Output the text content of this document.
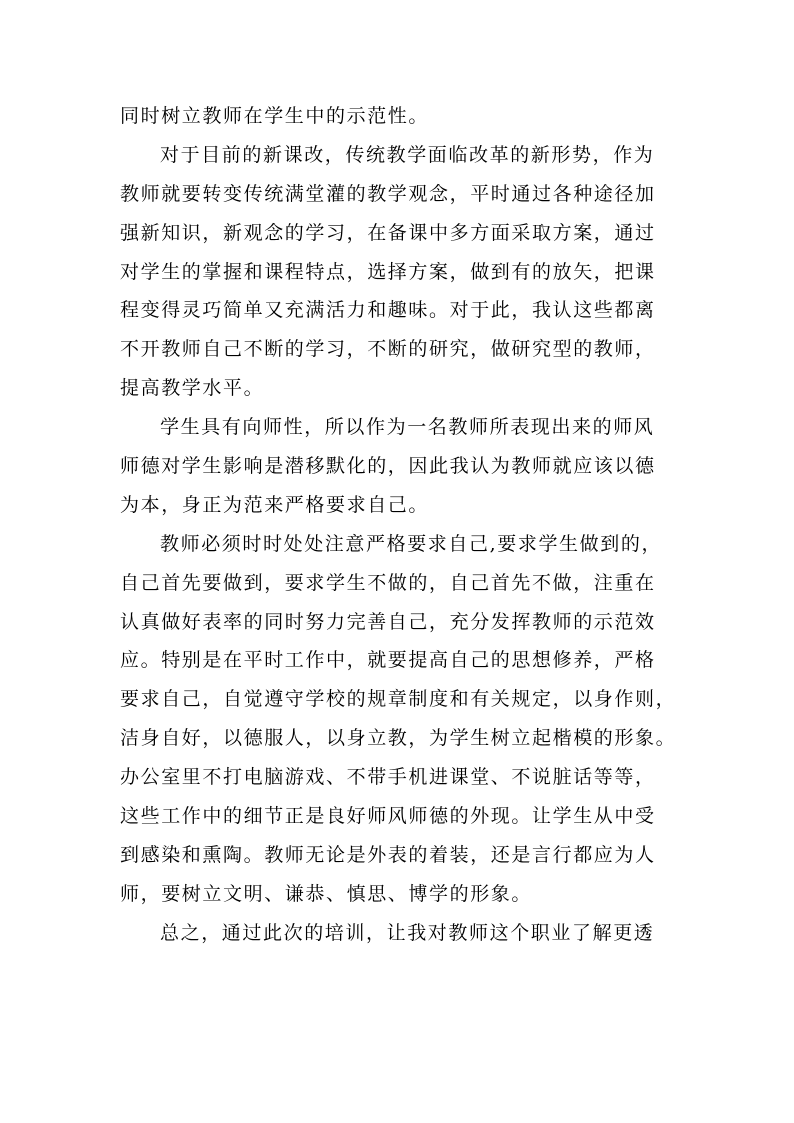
同时树立教师在学生中的示范性。
对于目前的新课改，传统教学面临改革的新形势，作为
教师就要转变传统满堂灌的教学观念，平时通过各种途径加
强新知识，新观念的学习，在备课中多方面采取方案，通过
对学生的掌握和课程特点，选择方案，做到有的放矢，把课
程变得灵巧简单又充满活力和趣味。对于此，我认这些都离
不开教师自己不断的学习，不断的研究，做研究型的教师，
提高教学水平。
学生具有向师性，所以作为一名教师所表现出来的师风
师德对学生影响是潜移默化的，因此我认为教师就应该以德
为本，身正为范来严格要求自己。
教师必须时时处处注意严格要求自己,要求学生做到的，
自己首先要做到，要求学生不做的，自己首先不做，注重在
认真做好表率的同时努力完善自己，充分发挥教师的示范效
应。特别是在平时工作中，就要提高自己的思想修养，严格
要求自己，自觉遵守学校的规章制度和有关规定，以身作则，
洁身自好，以德服人，以身立教，为学生树立起楷模的形象。
办公室里不打电脑游戏、不带手机进课堂、不说脏话等等，
这些工作中的细节正是良好师风师德的外现。让学生从中受
到感染和熏陶。教师无论是外表的着装，还是言行都应为人
师，要树立文明、谦恭、慎思、博学的形象。
总之，通过此次的培训，让我对教师这个职业了解更透
